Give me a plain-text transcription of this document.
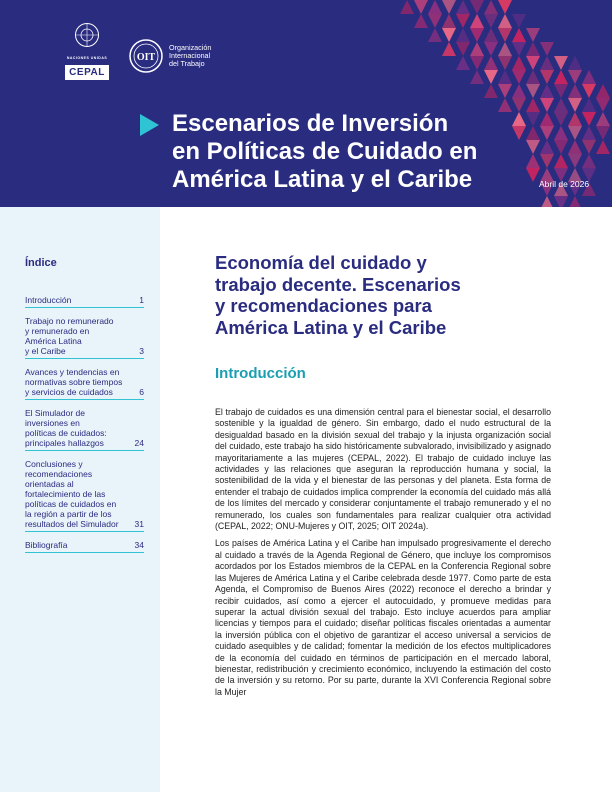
NACIONES UNIDAS
CEPAL
OIT
Organización
Internacional
del Trabajo
Escenarios de Inversión
en Políticas de Cuidado en
América Latina y el Caribe	Abril de 2026
Índice
Introducción	1
Trabajo no remunerado
y remunerado en
América Latina
y el Caribe	3
Avances y tendencias en
normativas sobre tiempos
y servicios de cuidados	6
El Simulador de
inversiones en
políticas de cuidados:
principales hallazgos	24
Conclusiones y
recomendaciones
orientadas al
fortalecimiento de las
políticas de cuidados en
la región a partir de los
resultados del Simulador	31
Bibliografía	34
Economía del cuidado y
trabajo decente. Escenarios
y recomendaciones para
América Latina y el Caribe
Introducción

El trabajo de cuidados es una dimensión central para el bienestar social, el desarrollo sostenible y la igualdad de género. Sin embargo, dado el nudo estructural de la desigualdad basado en la división sexual del trabajo y la injusta organización social del cuidado, este trabajo ha sido históricamente subvalorado, invisibilizado y asignado mayoritariamente a las mujeres (CEPAL, 2022). El trabajo de cuidado incluye las actividades y las relaciones que aseguran la reproducción humana y social, la sostenibilidad de la vida y el bienestar de las personas y del planeta. Esta forma de entender el trabajo de cuidados implica comprender la economía del cuidado más allá de los límites del mercado y considerar conjuntamente el trabajo remunerado y el no remunerado, los cuales son fundamentales para realizar cualquier otra actividad (CEPAL, 2022; ONU-Mujeres y OIT, 2025; OIT 2024a).

Los países de América Latina y el Caribe han impulsado progresivamente el derecho al cuidado a través de la Agenda Regional de Género, que incluye los compromisos acordados por los Estados miembros de la CEPAL en la Conferencia Regional sobre las Mujeres de América Latina y el Caribe celebrada desde 1977. Como parte de esta Agenda, el Compromiso de Buenos Aires (2022) reconoce el derecho a brindar y recibir cuidados, así como a ejercer el autocuidado, y promueve medidas para superar la actual división sexual del trabajo. Esto incluye acuerdos para ampliar licencias y tiempos para el cuidado; diseñar políticas fiscales orientadas a aumentar la inversión pública con el objetivo de garantizar el acceso universal a servicios de cuidado asequibles y de calidad; fomentar la medición de los efectos multiplicadores de la economía del cuidado en términos de participación en el mercado laboral, bienestar, redistribución y crecimiento económico, incluyendo la estimación del costo de la inversión y su retorno. Por su parte, durante la XVI Conferencia Regional sobre la Mujer
